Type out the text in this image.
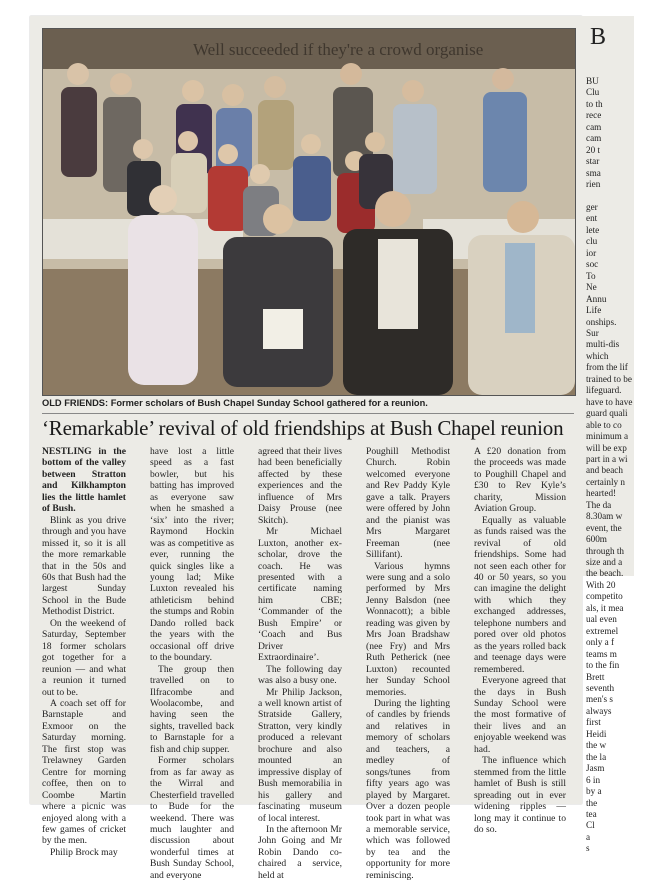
Well succeeded if they're a crowd organise
OLD FRIENDS: Former scholars of Bush Chapel Sunday School gathered for a reunion.
‘Remarkable’ revival of old friendships at Bush Chapel reunion

NESTLING in the bottom of the valley between Stratton and Kilkhampton lies the little hamlet of Bush.

Blink as you drive through and you have missed it, so it is all the more remarkable that in the 50s and 60s that Bush had the largest Sunday School in the Bude Methodist District.

On the weekend of Saturday, September 18 former scholars got together for a reunion — and what a reunion it turned out to be.

A coach set off for Barnstaple and Exmoor on the Saturday morning. The first stop was Trelawney Garden Centre for morning coffee, then on to Coombe Martin where a picnic was enjoyed along with a few games of cricket by the men.

Philip Brock may

have lost a little speed as a fast bowler, but his batting has improved as everyone saw when he smashed a ‘six’ into the river; Raymond Hockin was as competitive as ever, running the quick singles like a young lad; Mike Luxton revealed his athleticism behind the stumps and Robin Dando rolled back the years with the occasional off drive to the boundary.

The group then travelled on to Ilfracombe and Woolacombe, and having seen the sights, travelled back to Barnstaple for a fish and chip supper.

Former scholars from as far away as the Wirral and Chesterfield travelled to Bude for the weekend. There was much laughter and discussion about wonderful times at Bush Sunday School, and everyone

agreed that their lives had been beneficially affected by these experiences and the influence of Mrs Daisy Prouse (nee Skitch).

Mr Michael Luxton, another ex-scholar, drove the coach. He was presented with a certificate naming him CBE; ‘Commander of the Bush Empire’ or ‘Coach and Bus Driver Extraordinaire’.

The following day was also a busy one.

Mr Philip Jackson, a well known artist of Stratside Gallery, Stratton, very kindly produced a relevant brochure and also mounted an impressive display of Bush memorabilia in his gallery and fascinating museum of local interest.

In the afternoon Mr John Going and Mr Robin Dando co-chaired a service, held at

Poughill Methodist Church. Robin welcomed everyone and Rev Paddy Kyle gave a talk. Prayers were offered by John and the pianist was Mrs Margaret Freeman (nee Sillifant).

Various hymns were sung and a solo performed by Mrs Jenny Balsdon (nee Wonnacott); a bible reading was given by Mrs Joan Bradshaw (nee Fry) and Mrs Ruth Petherick (nee Luxton) recounted her Sunday School memories.

During the lighting of candles by friends and relatives in memory of scholars and teachers, a medley of songs/tunes from fifty years ago was played by Margaret. Over a dozen people took part in what was a memorable service, which was followed by tea and the opportunity for more reminiscing.

A £20 donation from the proceeds was made to Poughill Chapel and £30 to Rev Kyle’s charity, Mission Aviation Group.

Equally as valuable as funds raised was the revival of old friendships. Some had not seen each other for 40 or 50 years, so you can imagine the delight with which they exchanged addresses, telephone numbers and pored over old photos as the years rolled back and teenage days were remembered.

Everyone agreed that the days in Bush Sunday School were the most formative of their lives and an enjoyable weekend was had.

The influence which stemmed from the little hamlet of Bush is still spreading out in ever widening ripples — long may it continue to do so.

B
BU
Clu
to th
rece
cam
cam
20 t
star
sma
rien

ger
ent
lete
clu
ior
soc
To
Ne
Annu
Life
onships.
Sur
multi-dis
which
from the lif
trained to be
lifeguard.
have to have
guard quali
able to co
minimum a
will be exp
part in a wi
and beach
certainly n
hearted!
The da
8.30am w
event, the
600m
through th
size and a
the beach.
With 20
competito
als, it mea
ual even
extremel
only a f
teams m
to the fin
Brett
seventh
men's s
always
first
Heidi
the w
the la
Jasm
6 in
by a
the
tea
Cl
a
s
